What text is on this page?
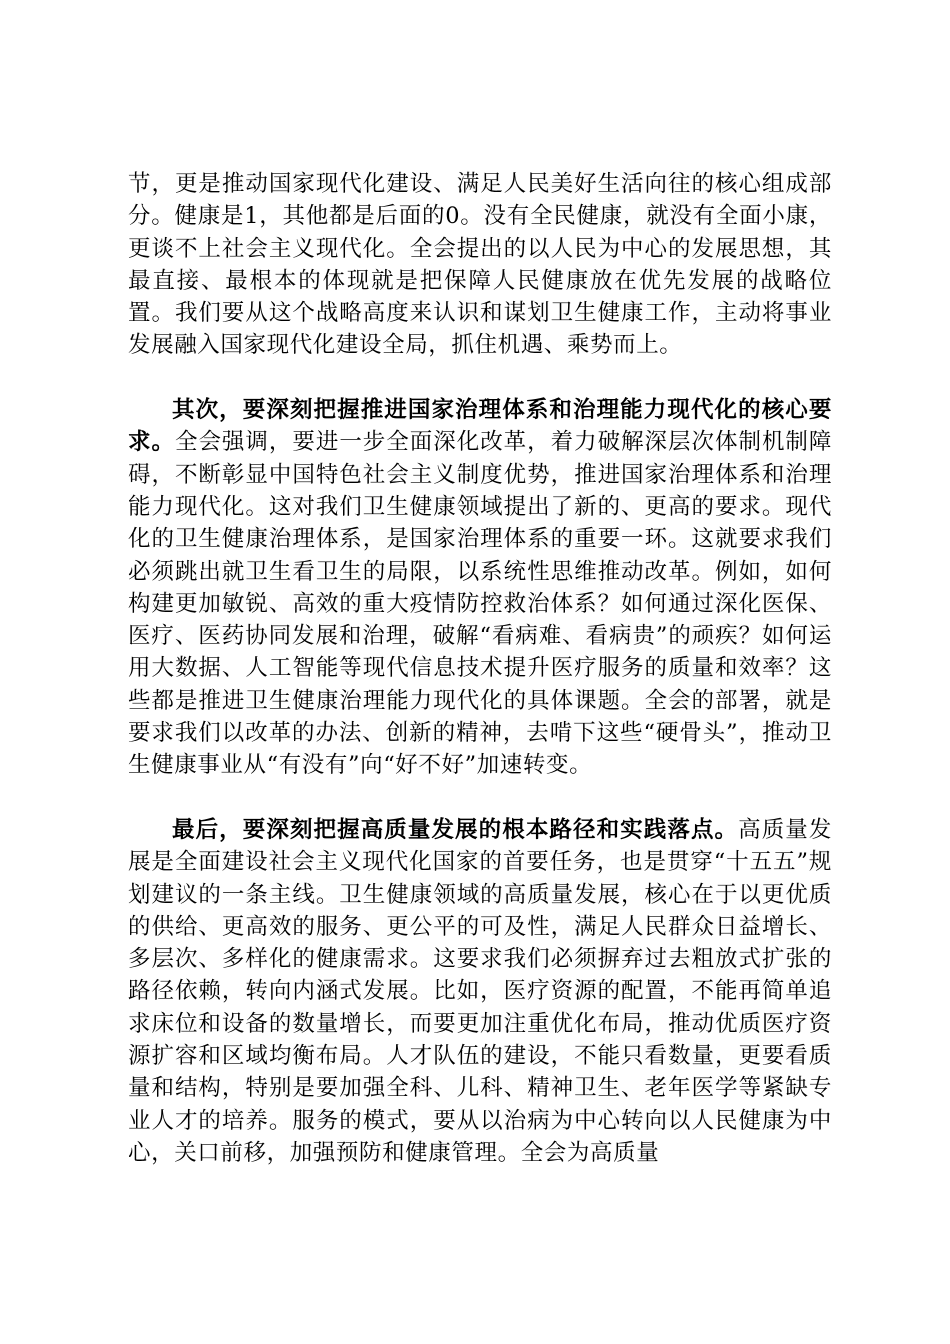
节，更是推动国家现代化建设、满足人民美好生活向往的核心组成部分。健康是1，其他都是后面的0。没有全民健康，就没有全面小康，更谈不上社会主义现代化。全会提出的以人民为中心的发展思想，其最直接、最根本的体现就是把保障人民健康放在优先发展的战略位置。我们要从这个战略高度来认识和谋划卫生健康工作，主动将事业发展融入国家现代化建设全局，抓住机遇、乘势而上。

其次，要深刻把握推进国家治理体系和治理能力现代化的核心要求。全会强调，要进一步全面深化改革，着力破解深层次体制机制障碍，不断彰显中国特色社会主义制度优势，推进国家治理体系和治理能力现代化。这对我们卫生健康领域提出了新的、更高的要求。现代化的卫生健康治理体系，是国家治理体系的重要一环。这就要求我们必须跳出就卫生看卫生的局限，以系统性思维推动改革。例如，如何构建更加敏锐、高效的重大疫情防控救治体系？如何通过深化医保、医疗、医药协同发展和治理，破解“看病难、看病贵”的顽疾？如何运用大数据、人工智能等现代信息技术提升医疗服务的质量和效率？这些都是推进卫生健康治理能力现代化的具体课题。全会的部署，就是要求我们以改革的办法、创新的精神，去啃下这些“硬骨头”，推动卫生健康事业从“有没有”向“好不好”加速转变。

最后，要深刻把握高质量发展的根本路径和实践落点。高质量发展是全面建设社会主义现代化国家的首要任务，也是贯穿“十五五”规划建议的一条主线。卫生健康领域的高质量发展，核心在于以更优质的供给、更高效的服务、更公平的可及性，满足人民群众日益增长、多层次、多样化的健康需求。这要求我们必须摒弃过去粗放式扩张的路径依赖，转向内涵式发展。比如，医疗资源的配置，不能再简单追求床位和设备的数量增长，而要更加注重优化布局，推动优质医疗资源扩容和区域均衡布局。人才队伍的建设，不能只看数量，更要看质量和结构，特别是要加强全科、儿科、精神卫生、老年医学等紧缺专业人才的培养。服务的模式，要从以治病为中心转向以人民健康为中心，关口前移，加强预防和健康管理。全会为高质量
